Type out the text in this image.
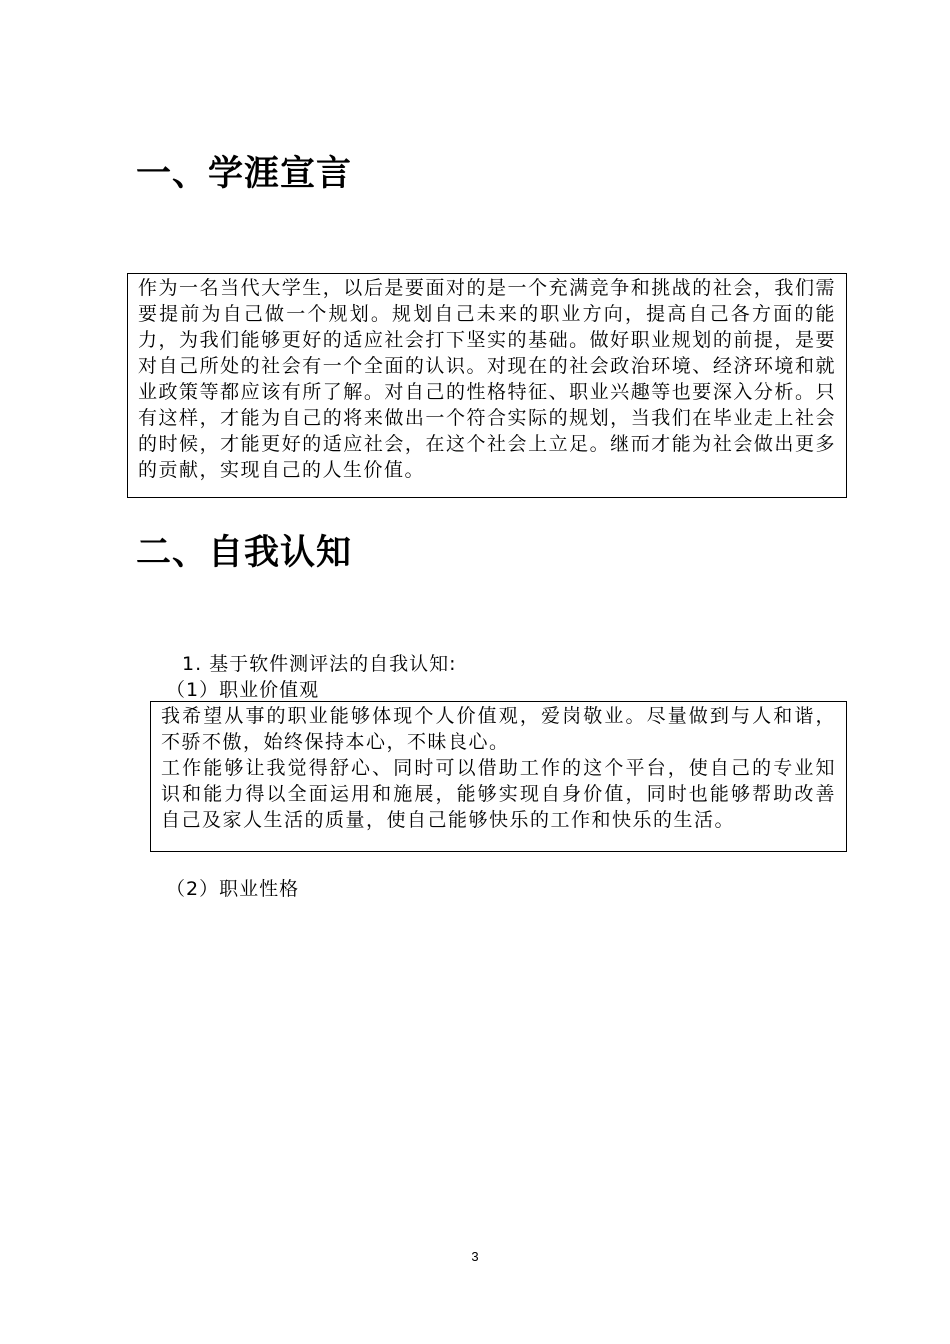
一、学涯宣言

作为一名当代大学生，以后是要面对的是一个充满竞争和挑战的社会，我们需要提前为自己做一个规划。规划自己未来的职业方向，提高自己各方面的能力，为我们能够更好的适应社会打下坚实的基础。做好职业规划的前提，是要对自己所处的社会有一个全面的认识。对现在的社会政治环境、经济环境和就业政策等都应该有所了解。对自己的性格特征、职业兴趣等也要深入分析。只有这样，才能为自己的将来做出一个符合实际的规划，当我们在毕业走上社会的时候，才能更好的适应社会，在这个社会上立足。继而才能为社会做出更多的贡献，实现自己的人生价值。

二、自我认知
1. 基于软件测评法的自我认知:
（1）职业价值观

我希望从事的职业能够体现个人价值观，爱岗敬业。尽量做到与人和谐，不骄不傲，始终保持本心，不昧良心。

工作能够让我觉得舒心、同时可以借助工作的这个平台，使自己的专业知识和能力得以全面运用和施展，能够实现自身价值，同时也能够帮助改善自己及家人生活的质量，使自己能够快乐的工作和快乐的生活。

（2）职业性格
3
